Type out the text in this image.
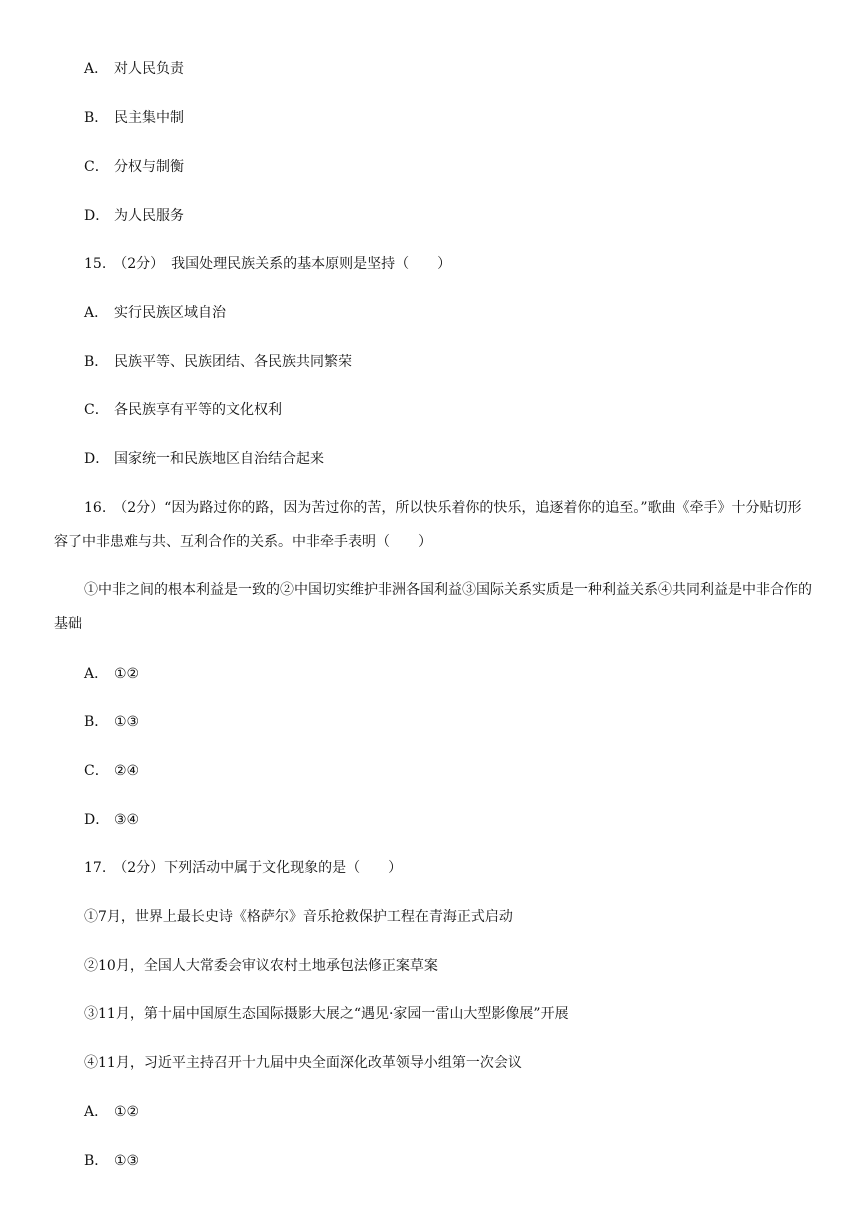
A． 对人民负责
B． 民主集中制
C． 分权与制衡
D． 为人民服务
15.　（2分）　我国处理民族关系的基本原则是坚持（　　）
A． 实行民族区域自治
B． 民族平等、民族团结、各民族共同繁荣
C． 各民族享有平等的文化权利
D． 国家统一和民族地区自治结合起来
16.　（2分）“因为路过你的路，因为苦过你的苦，所以快乐着你的快乐，追逐着你的追至。”歌曲《牵手》十分贴切形容了中非患难与共、互利合作的关系。中非牵手表明（　　）
①中非之间的根本利益是一致的②中国切实维护非洲各国利益③国际关系实质是一种利益关系④共同利益是中非合作的基础
A． ①②
B． ①③
C． ②④
D． ③④
17.　（2分）下列活动中属于文化现象的是（　　）
①7月，世界上最长史诗《格萨尔》音乐抢救保护工程在青海正式启动
②10月，全国人大常委会审议农村土地承包法修正案草案
③11月，第十届中国原生态国际摄影大展之“遇见·家园一雷山大型影像展”开展
④11月，习近平主持召开十九届中央全面深化改革领导小组第一次会议
A． ①②
B． ①③
